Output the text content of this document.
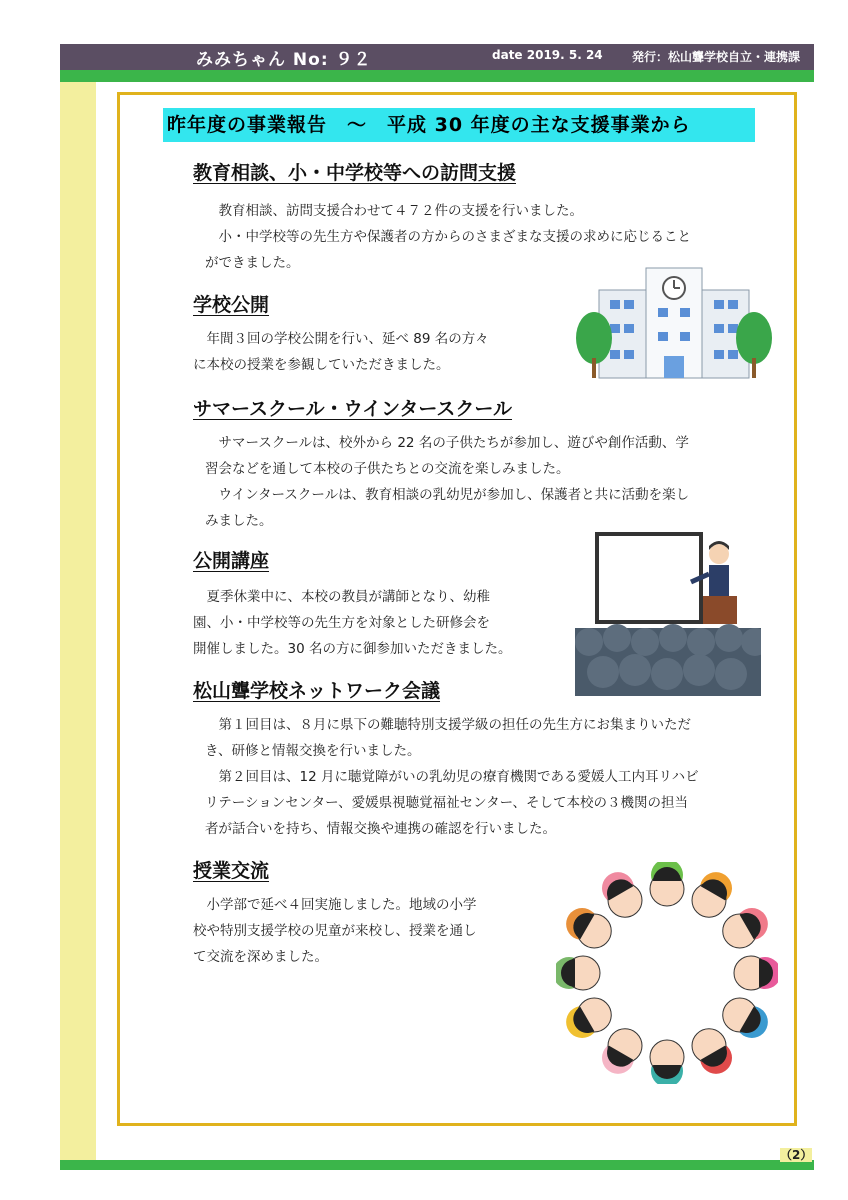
みみちゃん No: ９２	date 2019. 5. 24 発行：松山聾学校自立・連携課
昨年度の事業報告　～　平成 30 年度の主な支援事業から
教育相談、小・中学校等への訪問支援
　教育相談、訪問支援合わせて４７２件の支援を行いました。
　小・中学校等の先生方や保護者の方からのさまざまな支援の求めに応じること
ができました。
学校公開
　年間３回の学校公開を行い、延べ 89 名の方々
に本校の授業を参観していただきました。
サマースクール・ウインタースクール
　サマースクールは、校外から 22 名の子供たちが参加し、遊びや創作活動、学
習会などを通して本校の子供たちとの交流を楽しみました。
　ウインタースクールは、教育相談の乳幼児が参加し、保護者と共に活動を楽し
みました。
公開講座
　夏季休業中に、本校の教員が講師となり、幼稚
園、小・中学校等の先生方を対象とした研修会を
開催しました。30 名の方に御参加いただきました。
松山聾学校ネットワーク会議
　第１回目は、８月に県下の難聴特別支援学級の担任の先生方にお集まりいただ
き、研修と情報交換を行いました。
　第２回目は、12 月に聴覚障がいの乳幼児の療育機関である愛媛人工内耳リハビ
リテーションセンター、愛媛県視聴覚福祉センター、そして本校の３機関の担当
者が話合いを持ち、情報交換や連携の確認を行いました。
授業交流
　小学部で延べ４回実施しました。地域の小学
校や特別支援学校の児童が来校し、授業を通し
て交流を深めました。
（2）
